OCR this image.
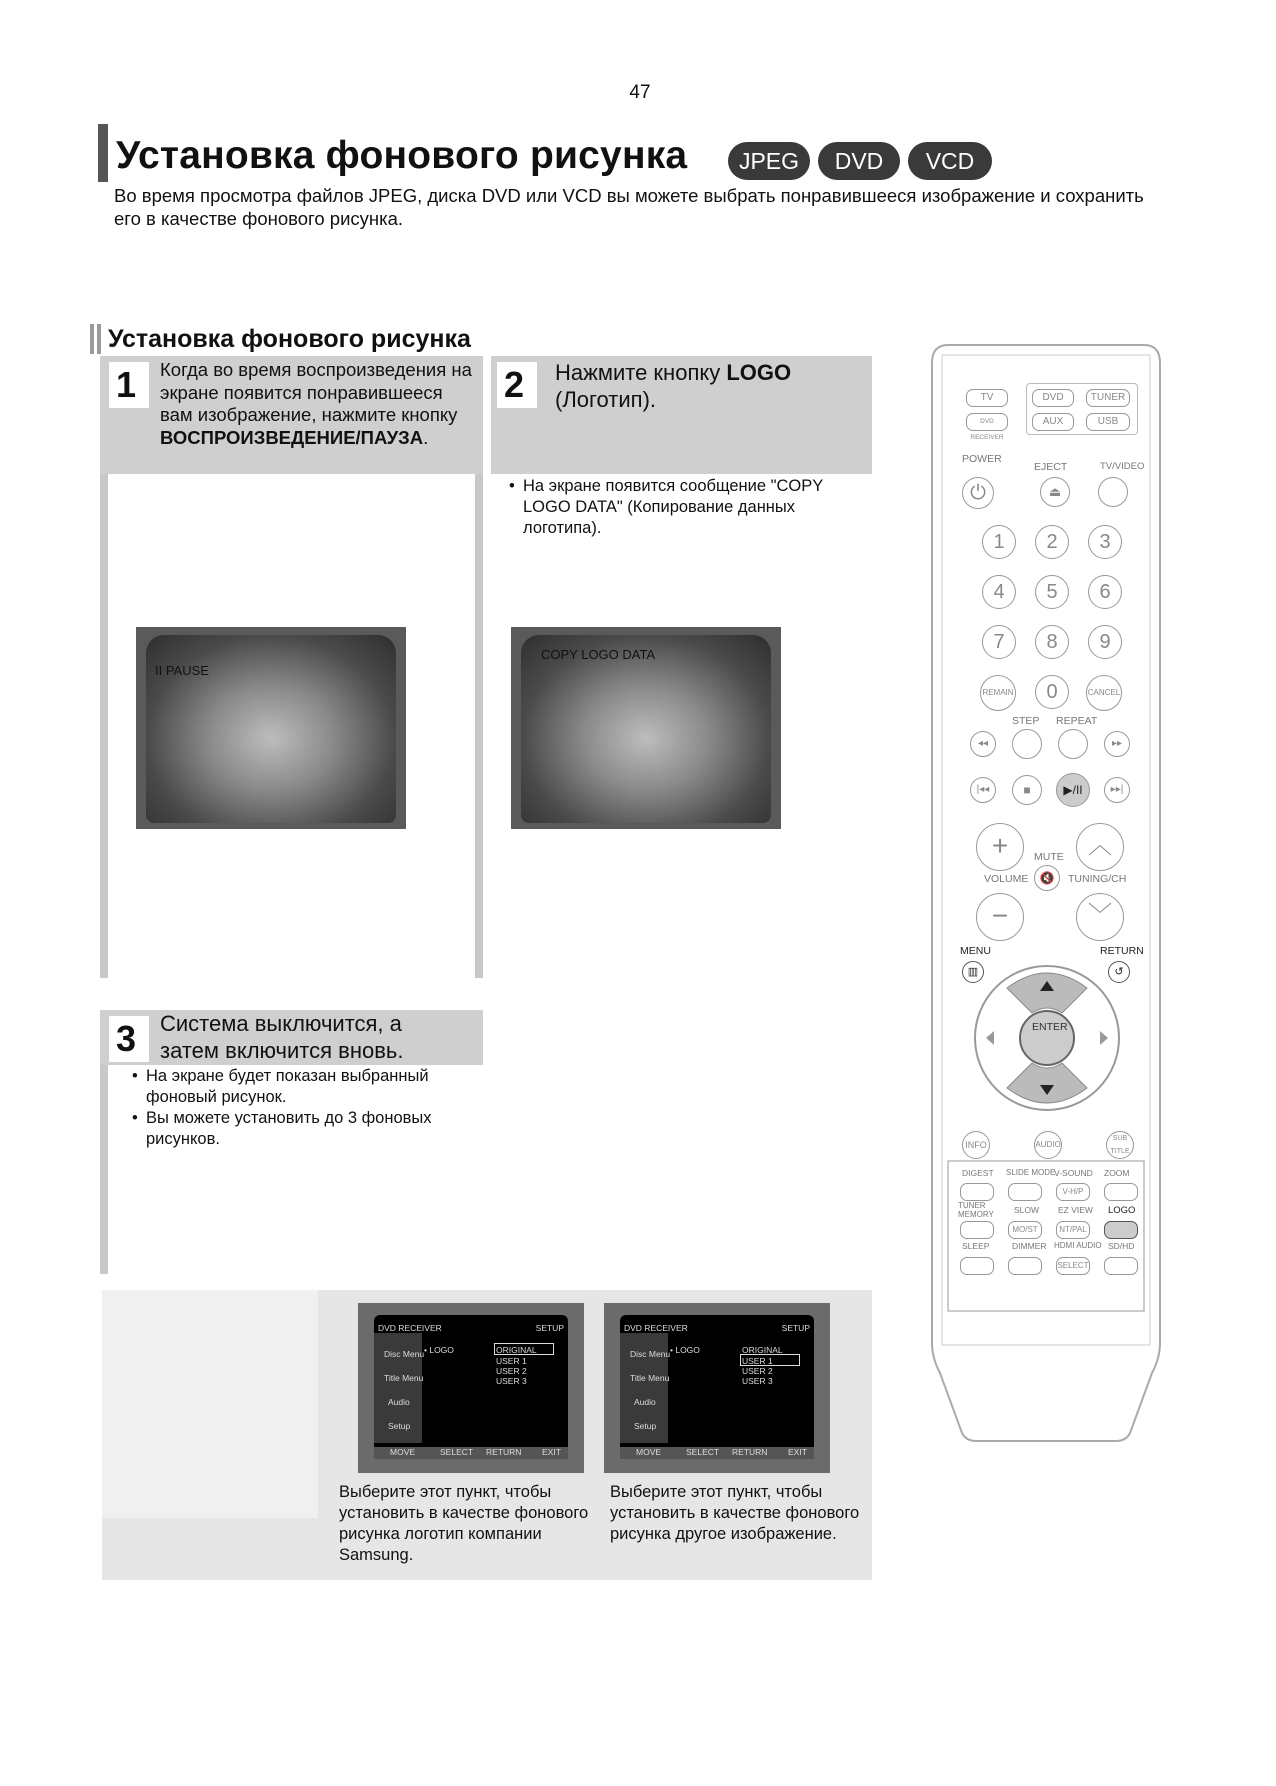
47
Установка фонового рисунка	JPEG	DVD	VCD
Во время просмотра файлов JPEG, диска DVD или VCD вы можете выбрать понравившееся изображение и сохранить его в качестве фонового рисунка.
Установка фонового рисунка
1 Когда во время воспроизведения на экране появится понравившееся вам изображение, нажмите кнопку ВОСПРОИЗВЕДЕНИЕ/ПАУЗА.
II PAUSE
2 Нажмите кнопку LOGO
(Логотип).
• На экране появится сообщение "COPY LOGO DATA" (Копирование данных логотипа).
COPY LOGO DATA
3 Система выключится, а затем включится вновь.
• На экране будет показан выбранный фоновый рисунок.
• Вы можете установить до 3 фоновых рисунков.
DVD RECEIVER	SETUP
Disc Menu
Title Menu
Audio
Setup
• LOGO	ORIGINAL
USER 1
USER 2
USER 3
MOVE	SELECT RETURN EXIT
DVD RECEIVER	SETUP
Disc Menu
Title Menu
Audio
Setup
• LOGO	ORIGINAL
USER 1
USER 2
USER 3
MOVE	SELECT RETURN EXIT
Выберите этот пункт, чтобы установить в качестве фонового рисунка логотип компании Samsung.
Выберите этот пункт, чтобы установить в качестве фонового рисунка другое изображение.
TV	DVD	TUNER
DVD RECEIVER
AUX	USB
POWER
EJECT	TV/VIDEO
⏻	⏏
1	2	3
4	5	6
7	8	9
REMAIN	0	CANCEL
STEP REPEAT
◂◂	▸▸
|◂◂	■	▶/II	▸▸|
+	︿
MUTE
🔇
VOLUME	TUNING/CH
−	﹀
MENU	RETURN
▥	↺
ENTER
INFO	AUDIO
SUB TITLE
DIGEST SLIDE MODE
V-SOUND ZOOM
V-H/P
TUNER MEMORY SLOW EZ VIEW LOGO
MO/ST	NT/PAL
SLEEP	DIMMER HDMI AUDIO SD/HD
SELECT
